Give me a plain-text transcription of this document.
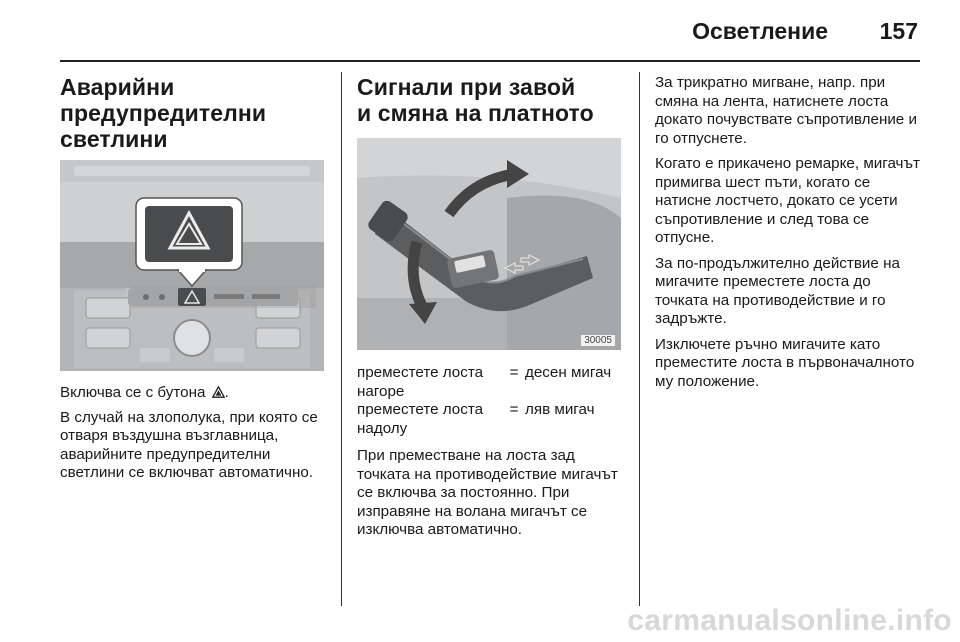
Осветление 157
Аварийни
предупредителни
светлини

Включва се с бутона .

В случай на злополука, при която се отваря въздушна възглавница, аварийните предупредителни светлини се включват автоматично.

Сигнали при завой
и смяна на платното
30005
преместете лоста нагоре	=	десен мигач
преместете лоста надолу	=	ляв мигач

При преместване на лоста зад точката на противодействие мигачът се включва за постоянно. При изправяне на волана мигачът се изключва автоматично.

За трикратно мигване, напр. при смяна на лента, натиснете лоста докато почувствате съпротивление и го отпуснете.

Когато е прикачено ремарке, мигачът примигва шест пъти, когато се натисне лостчето, докато се усети съпротивление и след това се отпусне.

За по-продължително действие на мигачите преместете лоста до точката на противодействие и го задръжте.

Изключете ръчно мигачите като преместите лоста в първоначалното му положение.

carmanualsonline.info
